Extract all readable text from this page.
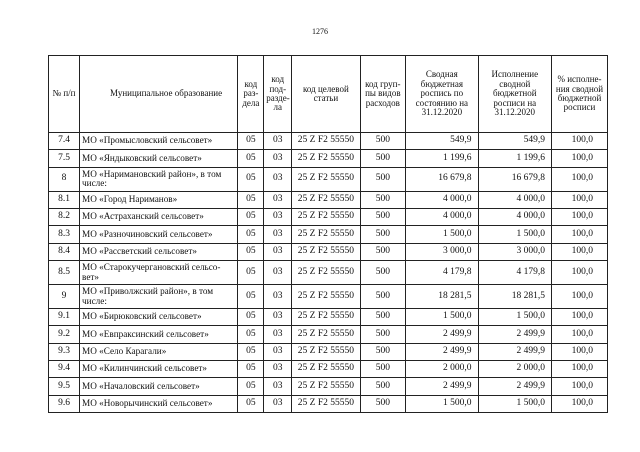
1276
№ п/п	Муниципальное образование	код раз-дела	код под-разде-ла	код целевой статьи	код груп-пы видов расходов	Сводная бюджетная роспись по состоянию на 31.12.2020	Исполнение сводной бюджетной росписи на 31.12.2020	% исполне-ния сводной бюджетной росписи
7.4	МО «Промысловский сельсовет»	05	03	25 Z F2 55550	500	549,9	549,9	100,0
7.5	МО «Яндыковский сельсовет»	05	03	25 Z F2 55550	500	1 199,6	1 199,6	100,0
8	МО «Наримановский район», в том числе:	05	03	25 Z F2 55550	500	16 679,8	16 679,8	100,0
8.1	МО «Город Нариманов»	05	03	25 Z F2 55550	500	4 000,0	4 000,0	100,0
8.2	МО «Астраханский сельсовет»	05	03	25 Z F2 55550	500	4 000,0	4 000,0	100,0
8.3	МО «Разночиновский сельсовет»	05	03	25 Z F2 55550	500	1 500,0	1 500,0	100,0
8.4	МО «Рассветский сельсовет»	05	03	25 Z F2 55550	500	3 000,0	3 000,0	100,0
8.5	МО «Старокучергановский сельсо-вет»	05	03	25 Z F2 55550	500	4 179,8	4 179,8	100,0
9	МО «Приволжский район», в том числе:	05	03	25 Z F2 55550	500	18 281,5	18 281,5	100,0
9.1	МО «Бирюковский сельсовет»	05	03	25 Z F2 55550	500	1 500,0	1 500,0	100,0
9.2	МО «Евпраксинский сельсовет»	05	03	25 Z F2 55550	500	2 499,9	2 499,9	100,0
9.3	МО «Село Карагали»	05	03	25 Z F2 55550	500	2 499,9	2 499,9	100,0
9.4	МО «Килинчинский сельсовет»	05	03	25 Z F2 55550	500	2 000,0	2 000,0	100,0
9.5	МО «Началовский сельсовет»	05	03	25 Z F2 55550	500	2 499,9	2 499,9	100,0
9.6	МО «Новорычинский сельсовет»	05	03	25 Z F2 55550	500	1 500,0	1 500,0	100,0
